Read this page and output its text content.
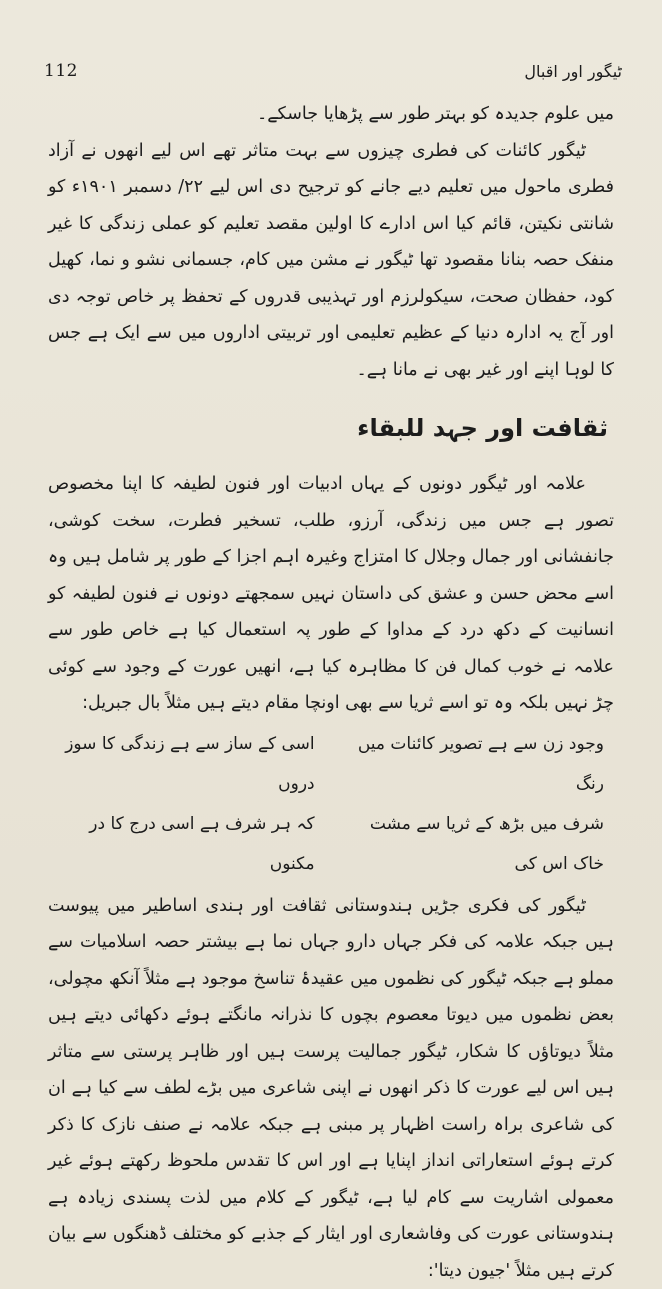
112	ٹیگور اور اقبال

میں علوم جدیدہ کو بہتر طور سے پڑھایا جاسکے۔

ٹیگور کائنات کی فطری چیزوں سے بہت متاثر تھے اس لیے انھوں نے آزاد فطری ماحول میں تعلیم دیے جانے کو ترجیح دی اس لیے ۲۲/ دسمبر ۱۹۰۱ء کو شانتی نکیتن، قائم کیا اس ادارے کا اولین مقصد تعلیم کو عملی زندگی کا غیر منفک حصہ بنانا مقصود تھا ٹیگور نے مشن میں کام، جسمانی نشو و نما، کھیل کود، حفظان صحت، سیکولرزم اور تہذیبی قدروں کے تحفظ پر خاص توجہ دی اور آج یہ ادارہ دنیا کے عظیم تعلیمی اور تربیتی اداروں میں سے ایک ہے جس کا لوہا اپنے اور غیر بھی نے مانا ہے۔

ثقافت اور جہد للبقاء

علامہ اور ٹیگور دونوں کے یہاں ادبیات اور فنون لطیفہ کا اپنا مخصوص تصور ہے جس میں زندگی، آرزو، طلب، تسخیر فطرت، سخت کوشی، جانفشانی اور جمال وجلال کا امتزاج وغیرہ اہم اجزا کے طور پر شامل ہیں وہ اسے محض حسن و عشق کی داستان نہیں سمجھتے دونوں نے فنون لطیفہ کو انسانیت کے دکھ درد کے مداوا کے طور پہ استعمال کیا ہے خاص طور سے علامہ نے خوب کمال فن کا مظاہرہ کیا ہے، انھیں عورت کے وجود سے کوئی چڑ نہیں بلکہ وہ تو اسے ثریا سے بھی اونچا مقام دیتے ہیں مثلاً بال جبریل:

وجود زن سے ہے تصویر کائنات میں رنگ
اسی کے ساز سے ہے زندگی کا سوز دروں
شرف میں بڑھ کے ثریا سے مشت خاک اس کی
کہ ہر شرف ہے اسی درج کا در مکنوں

ٹیگور کی فکری جڑیں ہندوستانی ثقافت اور ہندی اساطیر میں پیوست ہیں جبکہ علامہ کی فکر جہاں دارو جہاں نما ہے بیشتر حصہ اسلامیات سے مملو ہے جبکہ ٹیگور کی نظموں میں عقیدۂ تناسخ موجود ہے مثلاً آنکھ مچولی، بعض نظموں میں دیوتا معصوم بچوں کا نذرانہ مانگتے ہوئے دکھائی دیتے ہیں مثلاً دیوتاؤں کا شکار، ٹیگور جمالیت پرست ہیں اور ظاہر پرستی سے متاثر ہیں اس لیے عورت کا ذکر انھوں نے اپنی شاعری میں بڑے لطف سے کیا ہے ان کی شاعری براہ راست اظہار پر مبنی ہے جبکہ علامہ نے صنف نازک کا ذکر کرتے ہوئے استعاراتی انداز اپنایا ہے اور اس کا تقدس ملحوظ رکھتے ہوئے غیر معمولی اشاریت سے کام لیا ہے، ٹیگور کے کلام میں لذت پسندی زیادہ ہے ہندوستانی عورت کی وفاشعاری اور ایثار کے جذبے کو مختلف ڈھنگوں سے بیان کرتے ہیں مثلاً 'جیون دیتا':
